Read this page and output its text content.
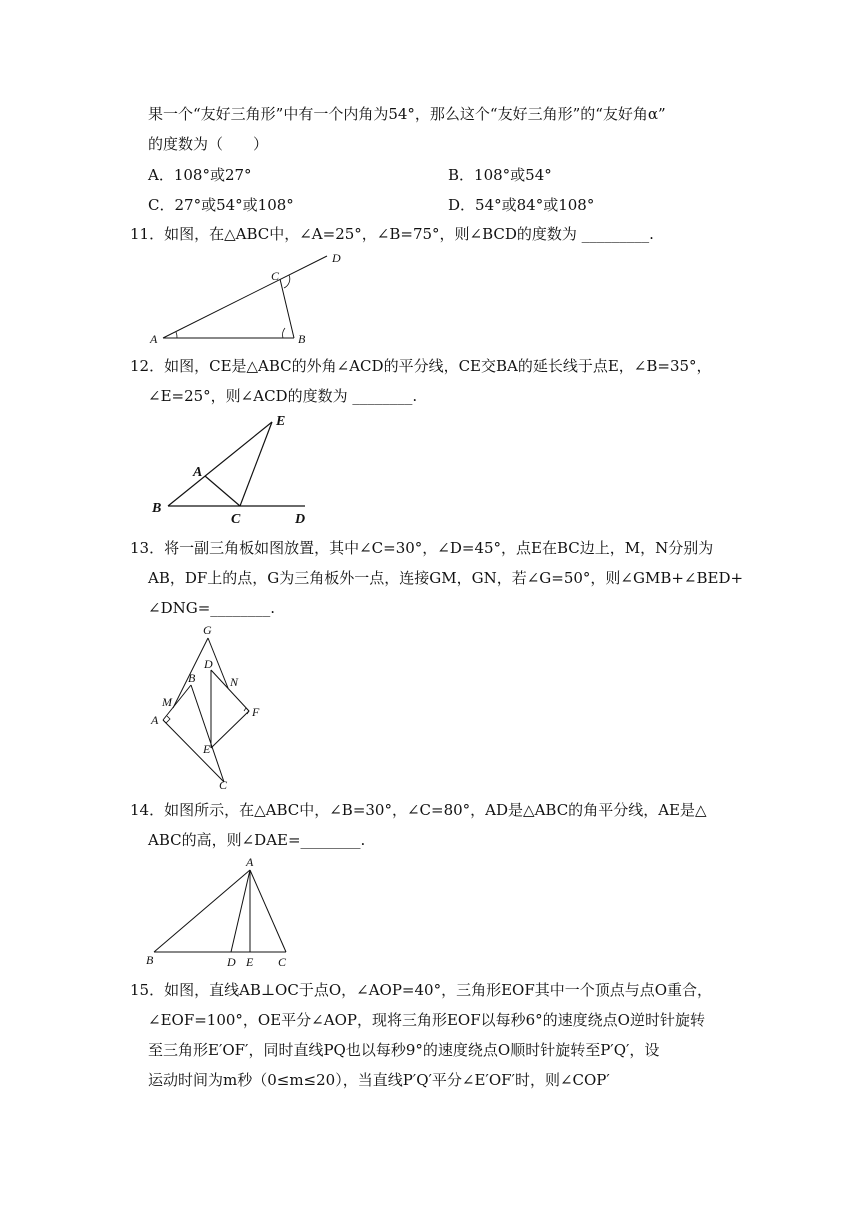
果一个“友好三角形”中有一个内角为54°，那么这个“友好三角形”的“友好角α”
的度数为（　　）
A．108°或27°	B．108°或54°
C．27°或54°或108°	D．54°或84°或108°
11．如图，在△ABC中，∠A=25°，∠B=75°，则∠BCD的度数为 _________.
A	B
C
D
12．如图，CE是△ABC的外角∠ACD的平分线，CE交BA的延长线于点E，∠B=35°，
∠E=25°，则∠ACD的度数为 ________.
B
A
C	D
E
13．将一副三角板如图放置，其中∠C=30°，∠D=45°，点E在BC边上，M，N分别为
AB，DF上的点，G为三角板外一点，连接GM，GN，若∠G=50°，则∠GMB+∠BED+
∠DNG=________.
G
D
B	N
M
A
F
E
C
14．如图所示，在△ABC中，∠B=30°，∠C=80°，AD是△ABC的角平分线，AE是△
ABC的高，则∠DAE=________.
A
B	D E C
15．如图，直线AB⊥OC于点O，∠AOP=40°，三角形EOF其中一个顶点与点O重合，
∠EOF=100°，OE平分∠AOP，现将三角形EOF以每秒6°的速度绕点O逆时针旋转
至三角形E′OF′，同时直线PQ也以每秒9°的速度绕点O顺时针旋转至P′Q′，设
运动时间为m秒（0≤m≤20），当直线P′Q′平分∠E′OF′时，则∠COP′
